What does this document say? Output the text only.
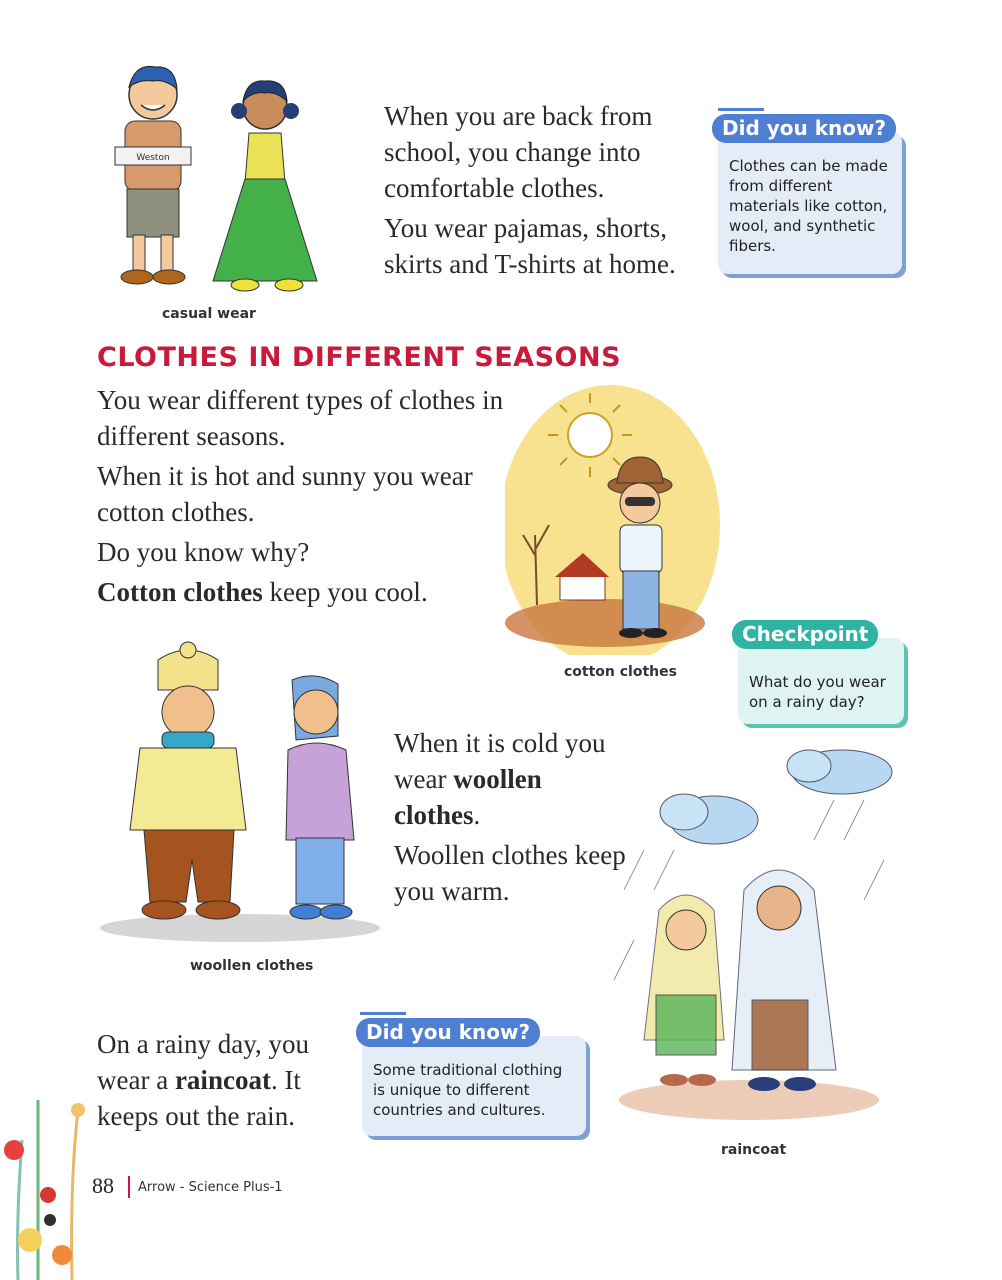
Weston
casual wear

When you are back from school, you change into comfortable clothes.

You wear pajamas, shorts, skirts and T-shirts at home.

Did you know?
Clothes can be made from different materials like cotton, wool, and synthetic fibers.
CLOTHES IN DIFFERENT SEASONS

You wear different types of clothes in different seasons.

When it is hot and sunny you wear cotton clothes.

Do you know why?

Cotton clothes keep you cool.

cotton clothes
Checkpoint
What do you wear on a rainy day?
woollen clothes

When it is cold you wear woollen clothes.

Woollen clothes keep you warm.

raincoat

On a rainy day, you wear a raincoat. It keeps out the rain.

Did you know?
Some traditional clothing is unique to different countries and cultures.
88 Arrow - Science Plus-1
